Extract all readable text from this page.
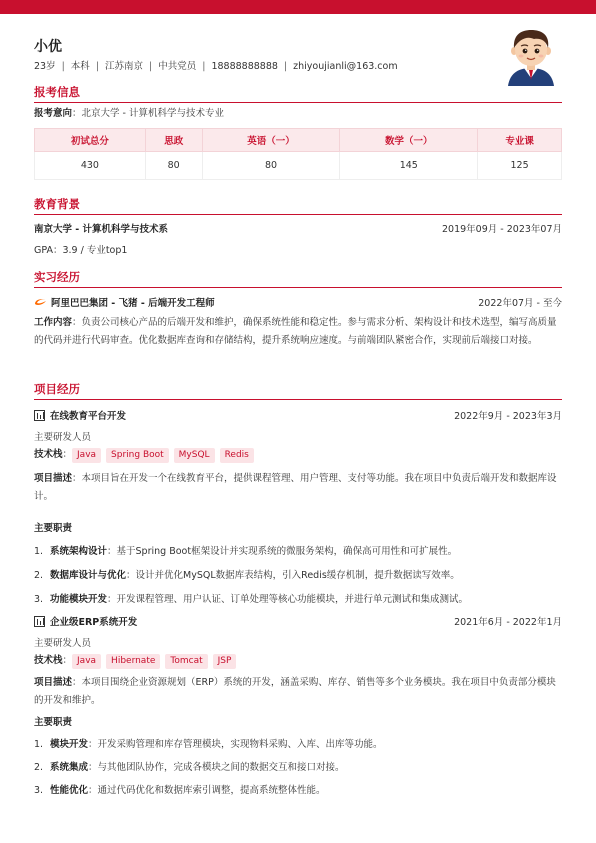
小优
23岁 | 本科 | 江苏南京 | 中共党员 | 18888888888 | zhiyoujianli@163.com
报考信息
报考意向：北京大学 - 计算机科学与技术专业
初试总分	思政	英语（一）	数学（一）	专业课
430	80	80	145	125
教育背景
南京大学 - 计算机科学与技术系	2019年09月 - 2023年07月
GPA：3.9 / 专业top1
实习经历
阿里巴巴集团 - 飞猪 - 后端开发工程师	2022年07月 - 至今
工作内容：负责公司核心产品的后端开发和维护，确保系统性能和稳定性。参与需求分析、架构设计和技术选型，编写高质量的代码并进行代码审查。优化数据库查询和存储结构，提升系统响应速度。与前端团队紧密合作，实现前后端接口对接。
项目经历
在线教育平台开发	2022年9月 - 2023年3月
主要研发人员
技术栈： Java Spring Boot MySQL Redis
项目描述：本项目旨在开发一个在线教育平台，提供课程管理、用户管理、支付等功能。我在项目中负责后端开发和数据库设计。
主要职责
1. 系统架构设计：基于Spring Boot框架设计并实现系统的微服务架构，确保高可用性和可扩展性。
2. 数据库设计与优化：设计并优化MySQL数据库表结构，引入Redis缓存机制，提升数据读写效率。
3. 功能模块开发：开发课程管理、用户认证、订单处理等核心功能模块，并进行单元测试和集成测试。
企业级ERP系统开发	2021年6月 - 2022年1月
主要研发人员
技术栈： Java Hibernate Tomcat JSP
项目描述：本项目围绕企业资源规划（ERP）系统的开发，涵盖采购、库存、销售等多个业务模块。我在项目中负责部分模块的开发和维护。
主要职责
1. 模块开发：开发采购管理和库存管理模块，实现物料采购、入库、出库等功能。
2. 系统集成：与其他团队协作，完成各模块之间的数据交互和接口对接。
3. 性能优化：通过代码优化和数据库索引调整，提高系统整体性能。
